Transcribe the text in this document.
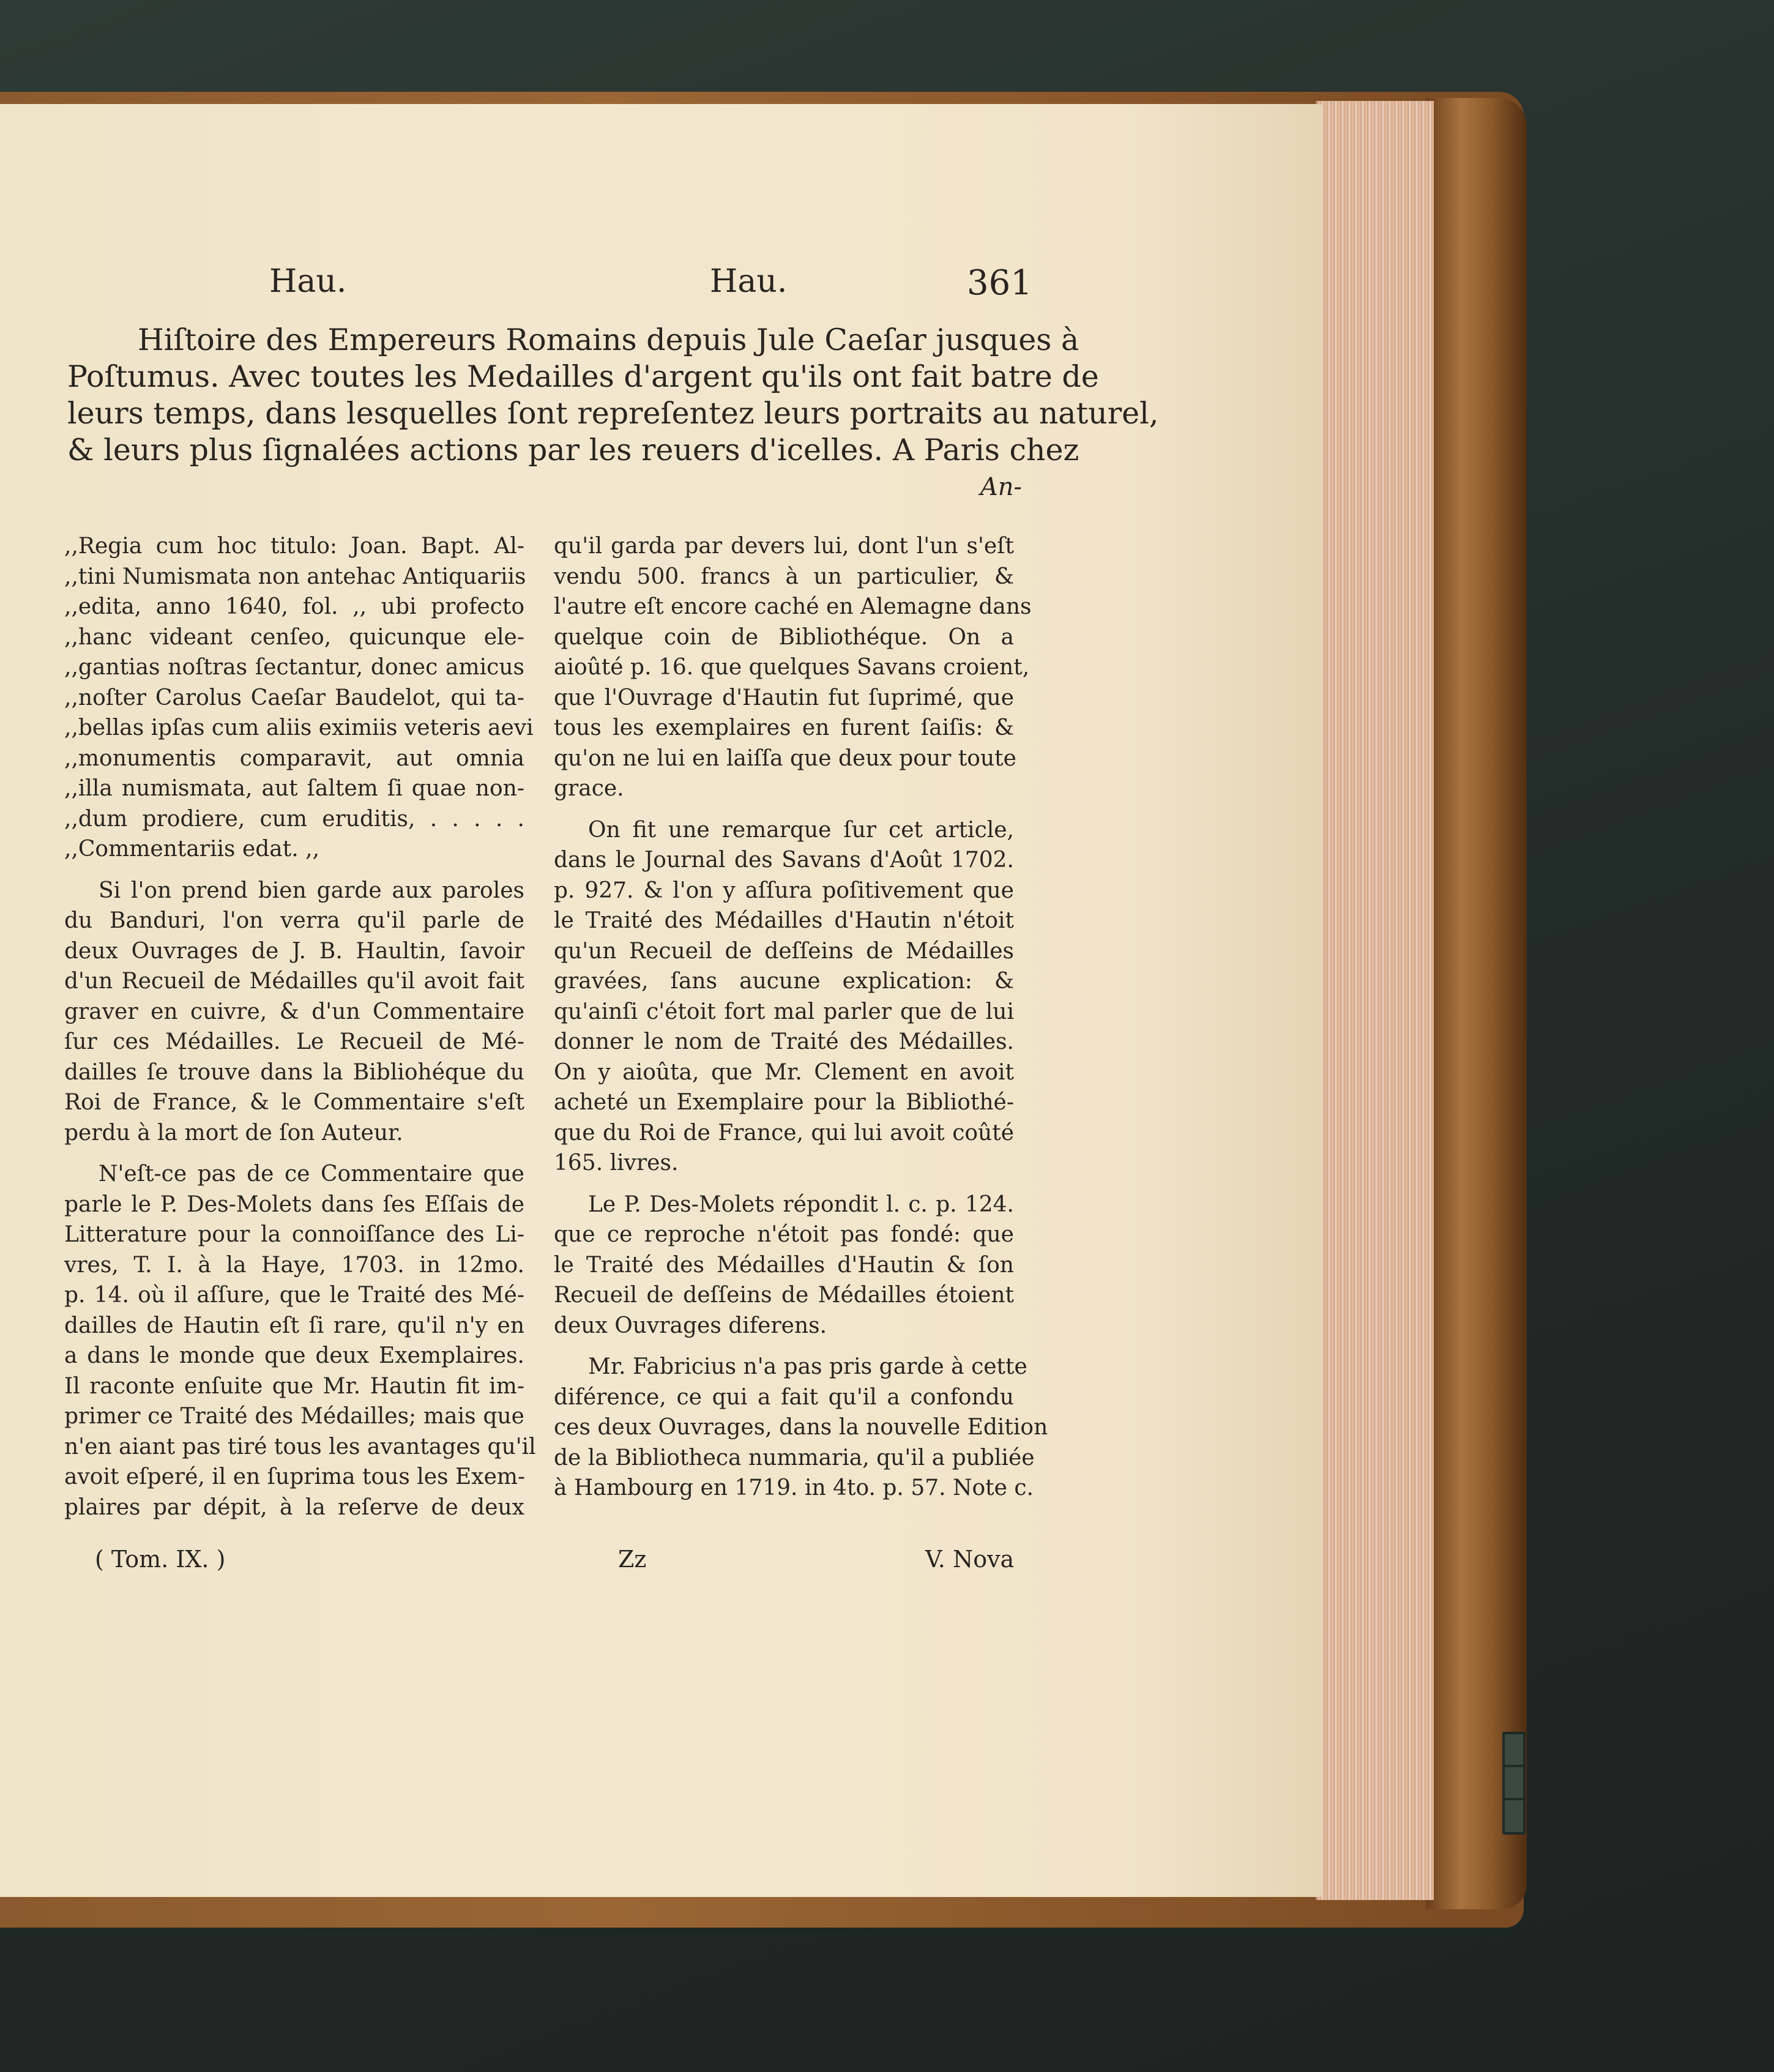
Hau.	Hau.	361
Hiſtoire des Empereurs Romains depuis Jule Caeſar jusques à
Poſtumus. Avec toutes les Medailles d'argent qu'ils ont fait batre de
leurs temps, dans lesquelles ſont repreſentez leurs portraits au naturel,
& leurs plus ſignalées actions par les reuers d'icelles. A Paris chez
An-
,,Regia cum hoc titulo: Joan. Bapt. Al-
,,tini Numismata non antehac Antiquariis
,,edita, anno 1640, fol. ,, ubi profecto
,,hanc videant cenſeo, quicunque ele-
,,gantias noſtras ſectantur, donec amicus
,,noſter Carolus Caeſar Baudelot, qui ta-
,,bellas ipſas cum aliis eximiis veteris aevi
,,monumentis comparavit, aut omnia
,,illa numismata, aut ſaltem ſi quae non-
,,dum prodiere, cum eruditis, . . . . .
,,Commentariis edat. ,,
Si l'on prend bien garde aux paroles
du Banduri, l'on verra qu'il parle de
deux Ouvrages de J. B. Haultin, ſavoir
d'un Recueil de Médailles qu'il avoit fait
graver en cuivre, & d'un Commentaire
ſur ces Médailles. Le Recueil de Mé-
dailles ſe trouve dans la Bibliohéque du
Roi de France, & le Commentaire s'eſt
perdu à la mort de ſon Auteur.
N'eſt-ce pas de ce Commentaire que
parle le P. Des-Molets dans ſes Eſſais de
Litterature pour la connoiſſance des Li-
vres, T. I. à la Haye, 1703. in 12mo.
p. 14. où il aſſure, que le Traité des Mé-
dailles de Hautin eſt ſi rare, qu'il n'y en
a dans le monde que deux Exemplaires.
Il raconte enſuite que Mr. Hautin fit im-
primer ce Traité des Médailles; mais que
n'en aiant pas tiré tous les avantages qu'il
avoit eſperé, il en ſuprima tous les Exem-
plaires par dépit, à la reſerve de deux
qu'il garda par devers lui, dont l'un s'eſt
vendu 500. francs à un particulier, &
l'autre eſt encore caché en Alemagne dans
quelque coin de Bibliothéque. On a
aioûté p. 16. que quelques Savans croient,
que l'Ouvrage d'Hautin fut ſuprimé, que
tous les exemplaires en furent ſaiſis: &
qu'on ne lui en laiſſa que deux pour toute
grace.
On fit une remarque ſur cet article,
dans le Journal des Savans d'Août 1702.
p. 927. & l'on y aſſura poſitivement que
le Traité des Médailles d'Hautin n'étoit
qu'un Recueil de deſſeins de Médailles
gravées, ſans aucune explication: &
qu'ainſi c'étoit fort mal parler que de lui
donner le nom de Traité des Médailles.
On y aioûta, que Mr. Clement en avoit
acheté un Exemplaire pour la Bibliothé-
que du Roi de France, qui lui avoit coûté
165. livres.
Le P. Des-Molets répondit l. c. p. 124.
que ce reproche n'étoit pas fondé: que
le Traité des Médailles d'Hautin & ſon
Recueil de deſſeins de Médailles étoient
deux Ouvrages diferens.
Mr. Fabricius n'a pas pris garde à cette
diférence, ce qui a fait qu'il a confondu
ces deux Ouvrages, dans la nouvelle Edition
de la Bibliotheca nummaria, qu'il a publiée
à Hambourg en 1719. in 4to. p. 57. Note c.
( Tom. IX. )	Zz	V. Nova
